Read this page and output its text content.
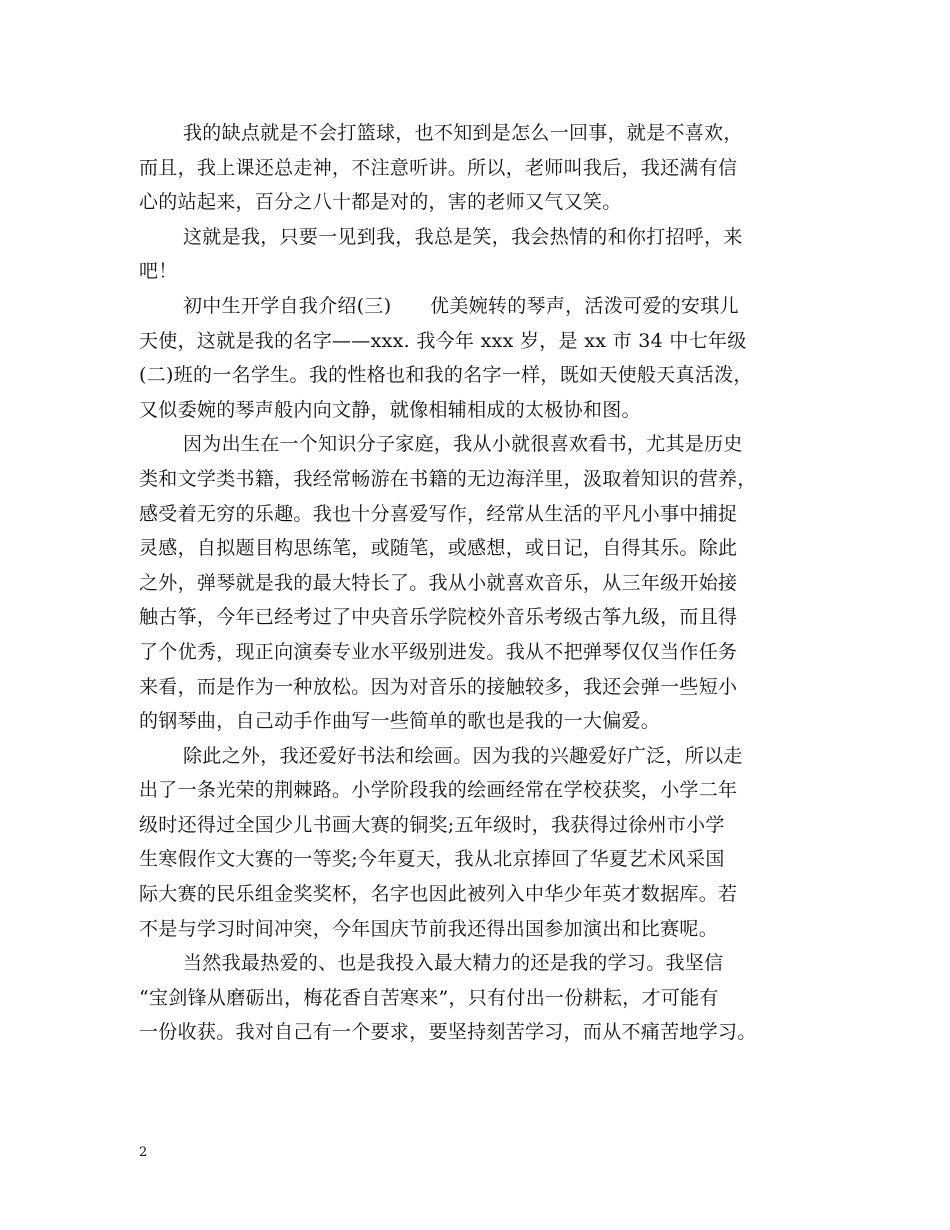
我的缺点就是不会打篮球，也不知到是怎么一回事，就是不喜欢，
而且，我上课还总走神，不注意听讲。所以，老师叫我后，我还满有信
心的站起来，百分之八十都是对的，害的老师又气又笑。
这就是我，只要一见到我，我总是笑，我会热情的和你打招呼，来
吧！
初中生开学自我介绍(三)　　优美婉转的琴声，活泼可爱的安琪儿
天使，这就是我的名字——xxx. 我今年 xxx 岁，是 xx 市 34 中七年级
(二)班的一名学生。我的性格也和我的名字一样，既如天使般天真活泼，
又似委婉的琴声般内向文静，就像相辅相成的太极协和图。
因为出生在一个知识分子家庭，我从小就很喜欢看书，尤其是历史
类和文学类书籍，我经常畅游在书籍的无边海洋里，汲取着知识的营养，
感受着无穷的乐趣。我也十分喜爱写作，经常从生活的平凡小事中捕捉
灵感，自拟题目构思练笔，或随笔，或感想，或日记，自得其乐。除此
之外，弹琴就是我的最大特长了。我从小就喜欢音乐，从三年级开始接
触古筝，今年已经考过了中央音乐学院校外音乐考级古筝九级，而且得
了个优秀，现正向演奏专业水平级别进发。我从不把弹琴仅仅当作任务
来看，而是作为一种放松。因为对音乐的接触较多，我还会弹一些短小
的钢琴曲，自己动手作曲写一些简单的歌也是我的一大偏爱。
除此之外，我还爱好书法和绘画。因为我的兴趣爱好广泛，所以走
出了一条光荣的荆棘路。小学阶段我的绘画经常在学校获奖，小学二年
级时还得过全国少儿书画大赛的铜奖;五年级时，我获得过徐州市小学
生寒假作文大赛的一等奖;今年夏天，我从北京捧回了华夏艺术风采国
际大赛的民乐组金奖奖杯，名字也因此被列入中华少年英才数据库。若
不是与学习时间冲突，今年国庆节前我还得出国参加演出和比赛呢。
当然我最热爱的、也是我投入最大精力的还是我的学习。我坚信
“宝剑锋从磨砺出，梅花香自苦寒来”，只有付出一份耕耘，才可能有
一份收获。我对自己有一个要求，要坚持刻苦学习，而从不痛苦地学习。
2
